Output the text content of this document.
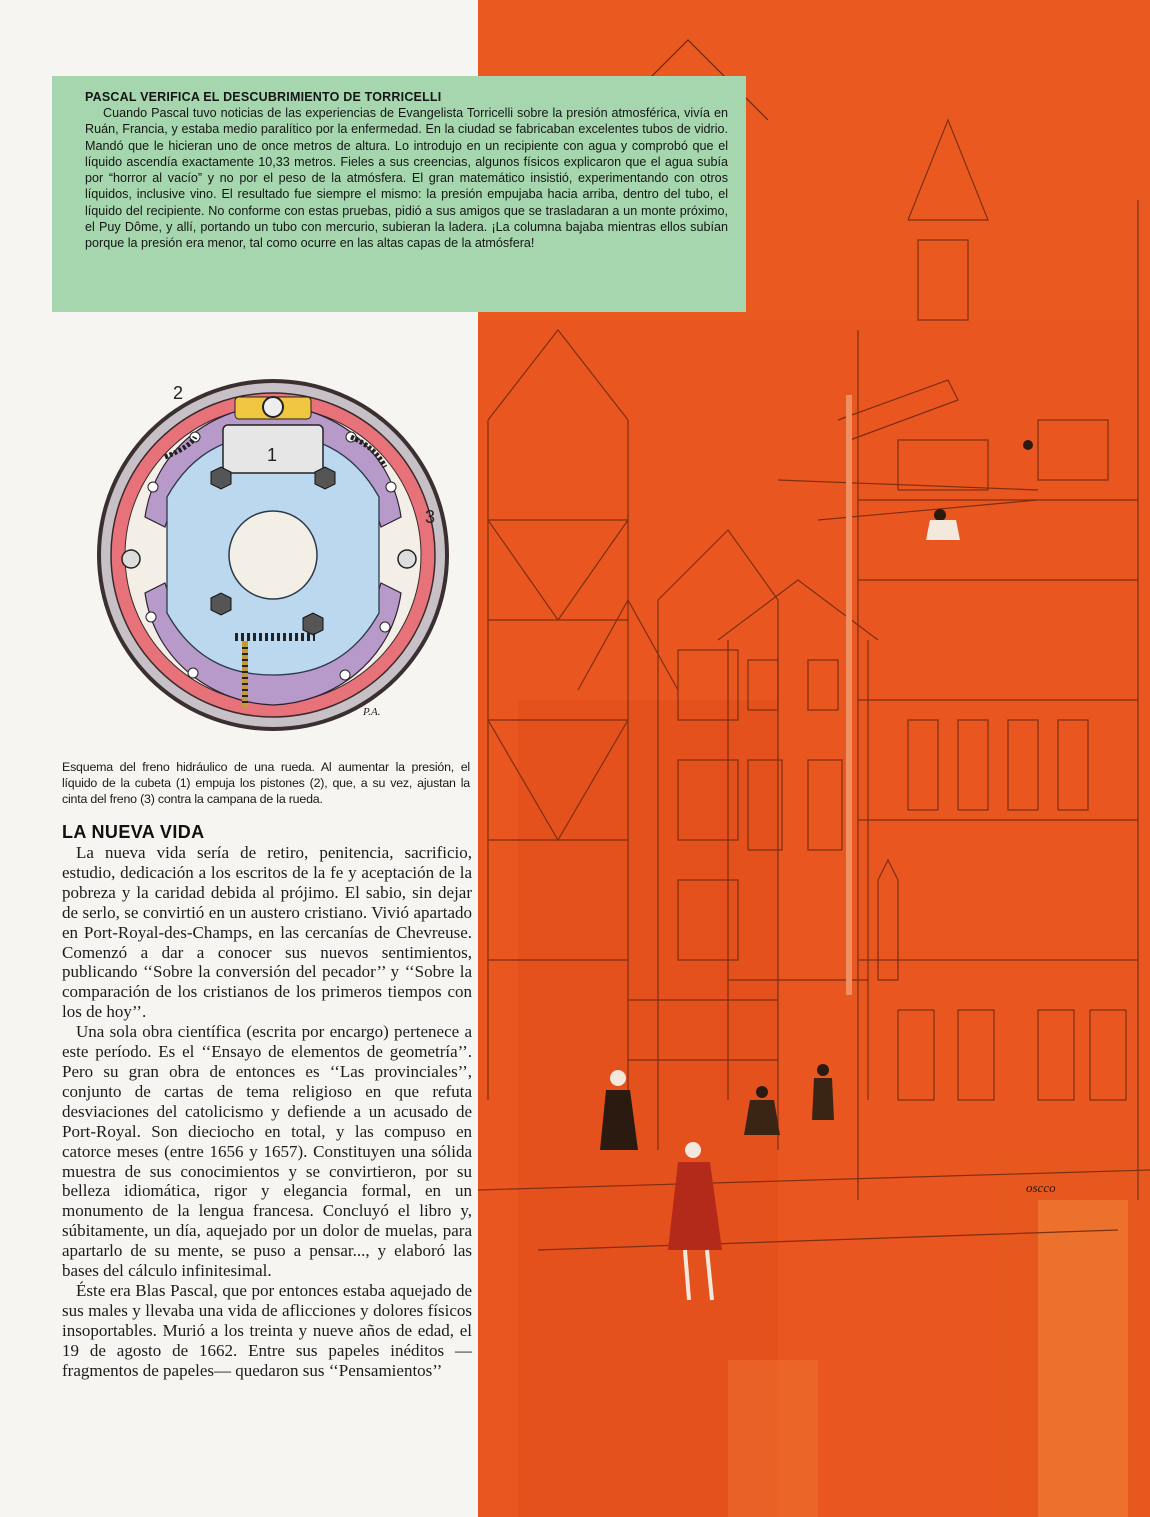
oscco
PASCAL VERIFICA EL DESCUBRIMIENTO DE TORRICELLI

Cuando Pascal tuvo noticias de las experiencias de Evangelista Torricelli sobre la presión atmosférica, vivía en Ruán, Francia, y estaba medio paralítico por la enfermedad. En la ciudad se fabricaban excelentes tubos de vidrio. Mandó que le hicieran uno de once metros de altura. Lo introdujo en un recipiente con agua y comprobó que el líquido ascendía exactamente 10,33 metros. Fieles a sus creencias, algunos físicos explicaron que el agua subía por “horror al vacío” y no por el peso de la atmósfera. El gran matemático insistió, experimentando con otros líquidos, inclusive vino. El resultado fue siempre el mismo: la presión empujaba hacia arriba, dentro del tubo, el líquido del recipiente. No conforme con estas pruebas, pidió a sus amigos que se trasladaran a un monte próximo, el Puy Dôme, y allí, portando un tubo con mercurio, subieran la ladera. ¡La columna bajaba mientras ellos subían porque la presión era menor, tal como ocurre en las altas capas de la atmósfera!

1
2
3
P.A.

Esquema del freno hidráulico de una rueda. Al aumentar la presión, el líquido de la cubeta (1) empuja los pistones (2), que, a su vez, ajustan la cinta del freno (3) contra la campana de la rueda.

LA NUEVA VIDA

La nueva vida sería de retiro, penitencia, sacrificio, estudio, dedicación a los escritos de la fe y aceptación de la pobreza y la caridad debida al prójimo. El sabio, sin dejar de serlo, se convirtió en un austero cristiano. Vivió apartado en Port-Royal-des-Champs, en las cercanías de Chevreuse. Comenzó a dar a conocer sus nuevos sentimientos, publicando ‘‘Sobre la conversión del pecador’’ y ‘‘Sobre la comparación de los cristianos de los primeros tiempos con los de hoy’’.

Una sola obra científica (escrita por encargo) pertenece a este período. Es el ‘‘Ensayo de elementos de geometría’’. Pero su gran obra de entonces es ‘‘Las provinciales’’, conjunto de cartas de tema religioso en que refuta desviaciones del catolicismo y defiende a un acusado de Port-Royal. Son dieciocho en total, y las compuso en catorce meses (entre 1656 y 1657). Constituyen una sólida muestra de sus conocimientos y se convirtieron, por su belleza idiomática, rigor y elegancia formal, en un monumento de la lengua francesa. Concluyó el libro y, súbitamente, un día, aquejado por un dolor de muelas, para apartarlo de su mente, se puso a pensar..., y elaboró las bases del cálculo infinitesimal.

Éste era Blas Pascal, que por entonces estaba aquejado de sus males y llevaba una vida de aflicciones y dolores físicos insoportables. Murió a los treinta y nueve años de edad, el 19 de agosto de 1662. Entre sus papeles inéditos —fragmentos de papeles— quedaron sus ‘‘Pensamientos’’
